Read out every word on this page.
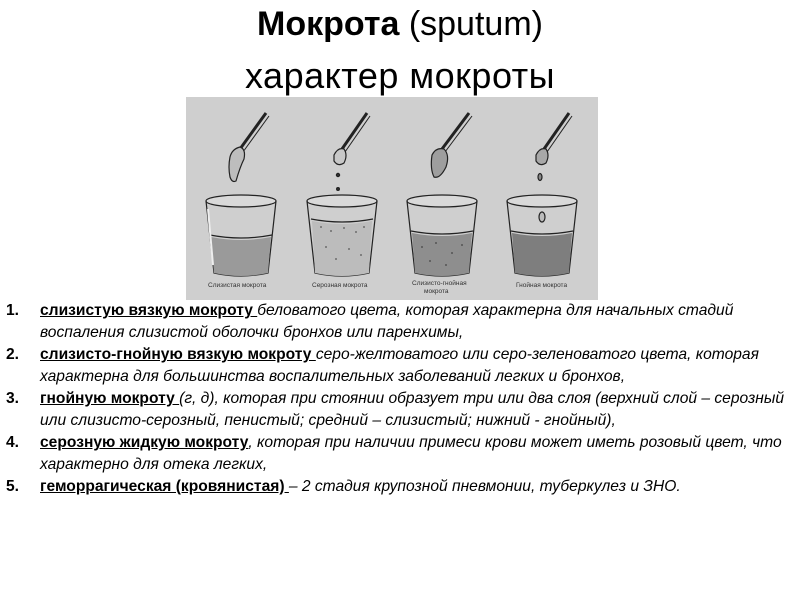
Мокрота (sputum)
характер мокроты
Слизистая мокрота	Серозная мокрота	Слизисто-гнойная
мокрота
Гнойная мокрота
1. слизистую вязкую мокроту беловатого цвета, которая характерна для начальных стадий воспаления слизистой оболочки бронхов или паренхимы,
2. слизисто-гнойную вязкую мокроту серо-желтоватого или серо-зеленоватого цвета, которая характерна для большинства воспалительных заболеваний легких и бронхов,
3. гнойную мокроту (г, д), которая при стоянии образует три или два слоя (верхний слой – серозный или слизисто-серозный, пенистый; средний – слизистый; нижний - гнойный),
4. серозную жидкую мокроту, которая при наличии примеси крови может иметь розовый цвет, что характерно для отека легких,
5. геморрагическая (кровянистая) – 2 стадия крупозной пневмонии, туберкулез и ЗНО.
